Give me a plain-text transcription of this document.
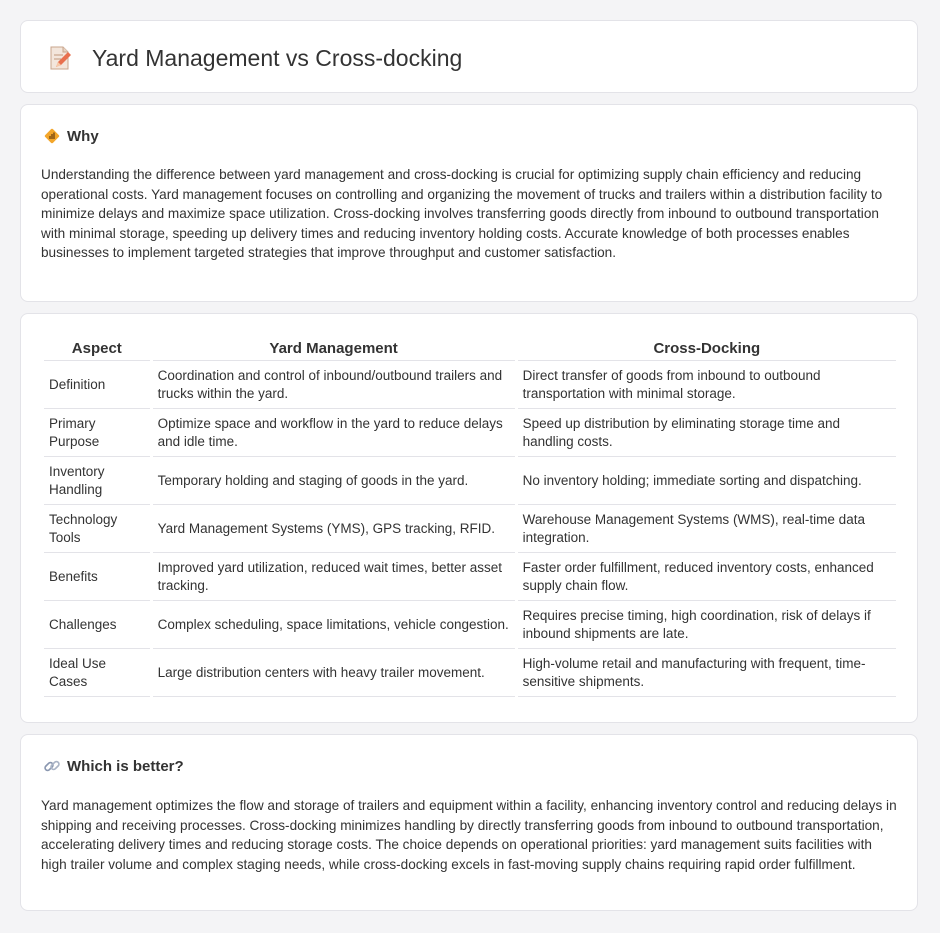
Yard Management vs Cross-docking
Why

Understanding the difference between yard management and cross-docking is crucial for optimizing supply chain efficiency and reducing operational costs. Yard management focuses on controlling and organizing the movement of trucks and trailers within a distribution facility to minimize delays and maximize space utilization. Cross-docking involves transferring goods directly from inbound to outbound transportation with minimal storage, speeding up delivery times and reducing inventory holding costs. Accurate knowledge of both processes enables businesses to implement targeted strategies that improve throughput and customer satisfaction.

Aspect	Yard Management	Cross-Docking
Definition	Coordination and control of inbound/outbound trailers and trucks within the yard.	Direct transfer of goods from inbound to outbound transportation with minimal storage.
Primary Purpose	Optimize space and workflow in the yard to reduce delays and idle time.	Speed up distribution by eliminating storage time and handling costs.
Inventory Handling	Temporary holding and staging of goods in the yard.	No inventory holding; immediate sorting and dispatching.
Technology Tools	Yard Management Systems (YMS), GPS tracking, RFID.	Warehouse Management Systems (WMS), real-time data integration.
Benefits	Improved yard utilization, reduced wait times, better asset tracking.	Faster order fulfillment, reduced inventory costs, enhanced supply chain flow.
Challenges	Complex scheduling, space limitations, vehicle congestion.	Requires precise timing, high coordination, risk of delays if inbound shipments are late.
Ideal Use Cases	Large distribution centers with heavy trailer movement.	High-volume retail and manufacturing with frequent, time-sensitive shipments.
Which is better?

Yard management optimizes the flow and storage of trailers and equipment within a facility, enhancing inventory control and reducing delays in shipping and receiving processes. Cross-docking minimizes handling by directly transferring goods from inbound to outbound transportation, accelerating delivery times and reducing storage costs. The choice depends on operational priorities: yard management suits facilities with high trailer volume and complex staging needs, while cross-docking excels in fast-moving supply chains requiring rapid order fulfillment.
